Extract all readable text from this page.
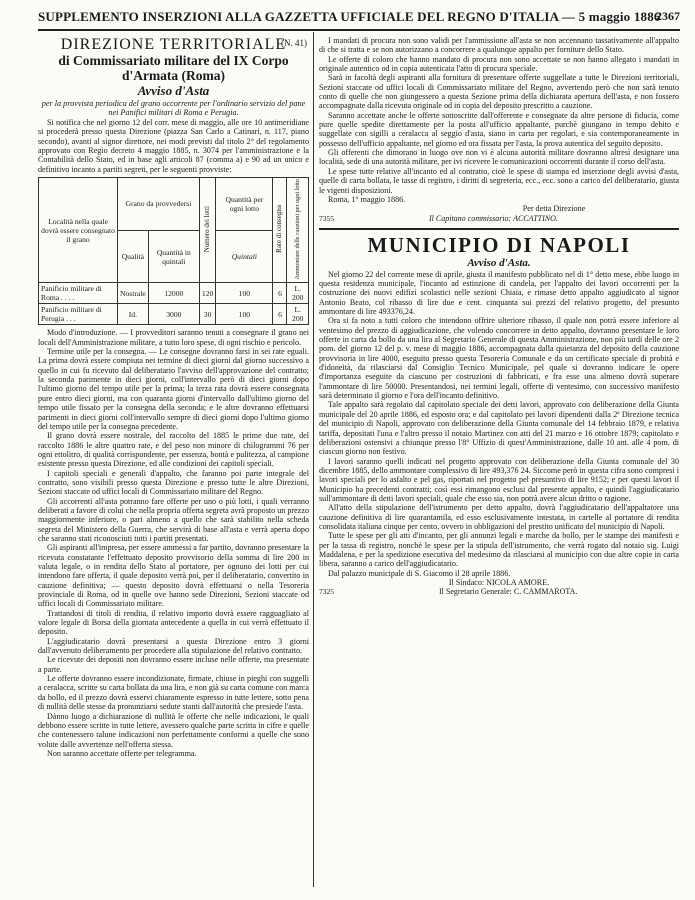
SUPPLEMENTO INSERZIONI ALLA GAZZETTA UFFICIALE DEL REGNO D'ITALIA — 5 maggio 1886
2367
DIREZIONE TERRITORIALE
(N. 41)
di Commissariato militare del IX Corpo d'Armata (Roma)
Avviso d'Asta
per la provvista periodica del grano occorrente per l'ordinario servizio del pane nei Panifici militari di Roma e Perugia.

Si notifica che nel giorno 12 del corr. mese di maggio, alle ore 10 antimeridiane si procederà presso questa Direzione (piazza San Carlo a Catinari, n. 117, piano secondo), avanti al signor direttore, nei modi previsti dal titolo 2° del regolamento approvato con Regio decreto 4 maggio 1885, n. 3074 per l'amministrazione e la Contabilità dello Stato, ed in base agli articoli 87 (comma a) e 90 ad un unico e definitivo incanto a partiti segreti, per le seguenti provviste:

Località nella quale dovrà essere consegnato il grano	Grano da provvedersi		Numero dei lotti	Quantità per ogni lotto	Rate di consegna	Ammontare delle cauzioni per ogni lotto
	Qualità	Quantità in quintali		Quintali		
Panificio militare di Roma . . . .	Nostrale	12000	120	100	6	L. 200
Panificio militare di Perugia . . .	Id.	3000	30	100	6	L. 200

Modo d'introduzione. — I provveditori saranno tenuti a consegnare il grano nei locali dell'Amministrazione militare, a tutto loro spese, di ogni rischio e pericolo.

Termine utile per la consegna. — Le consegne dovranno farsi in sei rate eguali. La prima dovrà essere compiuta nei termine di dieci giorni dal giorno successivo a quello in cui fu ricevuto dal deliberatario l'avviso dell'approvazione del contratto; la seconda parimente in dieci giorni, coll'intervallo però di dieci giorni dopo l'ultimo giorno del tempo utile per la prima; la terza rata dovrà essere consegnata pure entro dieci giorni, ma con quaranta giorni d'intervallo dall'ultimo giorno del tempo utile fissato per la consegna della seconda; e le altre dovranno effettuarsi parimenti in dieci giorni coll'intervallo sempre di dieci giorni dopo l'ultimo giorno del tempo utile per la consegna precedente.

Il grano dovrà essere nostrale, del raccolto del 1885 le prime due rate, del raccolto 1886 le altre quattro rate, e del peso non minore di chilogrammi 76 per ogni ettolitro, di qualità corrispondente, per essenza, bontà e pulitezza, al campione esistente presso questa Direzione, ed alle condizioni dei capitoli speciali.

I capitoli speciali e generali d'appalto, che faranno poi parte integrale del contratto, sono visibili presso questa Direzione e presso tutte le altre Direzioni, Sezioni staccate od uffici locali di Commissariato militare del Regno.

Gli accorrenti all'asta potranno fare offerte per uno o più lotti, i quali verranno deliberati a favore di colui che nella propria offerta segreta avrà proposto un prezzo maggiormente inferiore, o pari almeno a quello che sarà stabilito nella scheda segreta del Ministero della Guerra, che servirà di base all'asta e verrà aperta dopo che saranno stati riconosciuti tutti i partiti presentati.

Gli aspiranti all'impresa, per essere ammessi a far partito, dovranno presentare la ricevuta constatante l'effettuato deposito provvisorio della somma di lire 200 in valuta legale, o in rendita dello Stato al portatore, per ognuno dei lotti per cui intendono fare offerta, il quale deposito verrà poi, per il deliberatario, convertito in cauzione definitiva; — questo deposito dovrà effettuarsi o nella Tesoreria provinciale di Roma, od in quelle ove hanno sede Direzioni, Sezioni staccate od uffici locali di Commissariato militare.

Trattandosi di titoli di rendita, il relativo importo dovrà essere ragguagliato al valore legale di Borsa della giornata antecedente a quella in cui verrà effettuato il deposito.

L'aggiudicatario dovrà presentarsi a questa Direzione entro 3 giorni dall'avvenuto deliberamento per procedere alla stipulazione del relativo contratto.

Le ricevute dei depositi non dovranno essere incluse nelle offerte, ma presentate a parte.

Le offerte dovranno essere incondizionate, firmate, chiuse in pieghi con suggelli a ceralacca, scritte su carta bollata da una lira, e non già su carta comune con marca da bollo, ed il prezzo dovrà esservi chiaramente espresso in tutte lettere, sotto pena di nullità delle stesse da pronunziarsi sedute stanti dall'autorità che presiede l'asta.

Dànno luogo a dichiarazione di nullità le offerte che nelle indicazioni, le quali debbono essere scritte in tutte lettere, avessero qualche parte scritta in cifre e quelle che contenessero talune indicazioni non perfettamente conformi a quelle che sono volute dalle avvertenze nell'offerta stessa.

Non saranno accettate offerte per telegramma.

I mandati di procura non sono validi per l'ammissione all'asta se non accennano tassativamente all'appalto di che si tratta e se non autorizzano a concorrere a qualunque appalto per forniture dello Stato.

Le offerte di coloro che hanno mandato di procura non sono accettate se non hanno allegato i mandati in originale autentico od in copia autenticata l'atto di procura speciale.

Sarà in facoltà degli aspiranti alla fornitura di presentare offerte suggellate a tutte le Direzioni territoriali, Sezioni staccate od uffici locali di Commissariato militare del Regno, avvertendo però che non sarà tenuto conto di quelle che non giungessero a questa Sezione prima della dichiarata apertura dell'asta, e non fossero accompagnate dalla ricevuta originale od in copia del deposito prescritto a cauzione.

Saranno accettate anche le offerte sottoscritte dall'offerente e consegnate da altre persone di fiducia, come pure quelle spedite direttamente per la posta all'ufficio appaltante, purchè giungano in tempo debito e suggellate con sigilli a ceralacca al seggio d'asta, siano in carta per regolari, e sia contemporaneamente in possesso dell'ufficio appaltante, nel giorno ed ora fissata per l'asta, la prova autentica del seguito deposito.

Gli offerenti che dimorano in luogo ove non vi è alcuna autorità militare dovranno altresì designare una località, sede di una autorità militare, per ivi ricevere le comunicazioni occorrenti durante il corso dell'asta.

Le spese tutte relative all'incanto ed al contratto, cioè le spese di stampa ed inserzione degli avvisi d'asta, quelle di carta bollata, le tasse di registro, i diritti di segreteria, ecc., ecc. sono a carico del deliberatario, giusta le vigenti disposizioni.

Roma, 1° maggio 1886.
Per detta Direzione
7355	Il Capitano commissario: ACCATTINO.
MUNICIPIO DI NAPOLI
Avviso d'Asta.

Nel giorno 22 del corrente mese di aprile, giusta il manifesto pubblicato nel di 1° detto mese, ebbe luogo in questa residenza municipale, l'incanto ad estinzione di candela, per l'appalto dei lavori occorrenti per la costruzione dei nuovi edifizi scolastici nelle sezioni Chiaia, e rimase detto appalto aggiudicato al signor Antonio Beato, col ribasso di lire due e cent. cinquanta sui prezzi del relativo progetto, del presunto ammontare di lire 493376,24.

Ora si fa noto a tutti coloro che intendono offrire ulteriore ribasso, il quale non potrà essere inferiore al ventesimo del prezzo di aggiudicazione, che volendo concorrere in detto appalto, dovranno presentare le loro offerte in carta da bollo da una lira al Segretario Generale di questa Amministrazione, non più tardi delle ore 2 pom. del giorno 12 del p. v. mese di maggio 1886, accompagnata dalla quietanza del deposito della cauzione provvisoria in lire 4000, eseguito presso questa Tesoreria Comunale e da un certificato speciale di probità e d'idoneità, da rilasciarsi dal Consiglio Tecnico Municipale, pel quale si dovranno indicare le opere d'importanza eseguite da ciascuno per costruzioni di fabbricati, e fra esse una almeno dovrà superare l'ammontare di lire 50000. Presentandosi, nei termini legali, offerte di ventesimo, con successivo manifesto sarà determinato il giorno e l'ora dell'incanto definitivo.

Tale appalto sarà regolato dal capitolato speciale dei detti lavori, approvato con deliberazione della Giunta municipale del 20 aprile 1886, ed esposto ora; e dal capitolato pei lavori dipendenti dalla 2ª Direzione tecnica del municipio di Napoli, approvato con deliberazione della Giunta comunale del 14 febbraio 1879, e relativa tariffa, depositati l'una e l'altro presso il notaio Martinez con atti del 21 marzo e 16 ottobre 1879; capitolato e deliberazioni ostensivi a chiunque presso l'8° Uffizio di quest'Amministrazione, dalle 10 ant. alle 4 pom. di ciascun giorno non festivo.

I lavori saranno quelli indicati nel progetto approvato con deliberazione della Giunta comunale del 30 dicembre 1885, dello ammontare complessivo di lire 493,376 24. Siccome però in questa cifra sono compresi i lavori speciali per lo asfalto e pel gas, riportati nel progetto pel presuntivo di lire 9152; e per questi lavori il Municipio ha precedenti contratti; così essi rimangono esclusi dal presente appalto, e quindi l'aggiudicatario sull'ammontare di detti lavori speciali, quale che esso sia, non potrà avere alcun dritto o ragione.

All'atto della stipulazione dell'istrumento per detto appalto, dovrà l'aggiudicatario dell'appaltatore una cauzione definitiva di lire quarantamila, ed esso esclusivamente intestata, in cartelle al portatore di rendita consolidata italiana cinque per cento, ovvero in obbligazioni del prestito unificato del municipio di Napoli.

Tutte le spese per gli atti d'incanto, per gli annunzi legali e marche da bollo, per le stampe dei manifesti e per la tassa di registro, nonchè le spese per la stipula dell'istrumento, che verrà rogato dal notaio sig. Luigi Maddalena, e per la spedizione esecutiva del medesimo da rilasciarsi al municipio con due altre copie in carta libera, saranno a carico dell'aggiudicatario.

Dal palazzo municipale di S. Giacomo il 28 aprile 1886.
Il Sindaco: NICOLA AMORE.
7325	Il Segretario Generale: C. CAMMAROTA.
